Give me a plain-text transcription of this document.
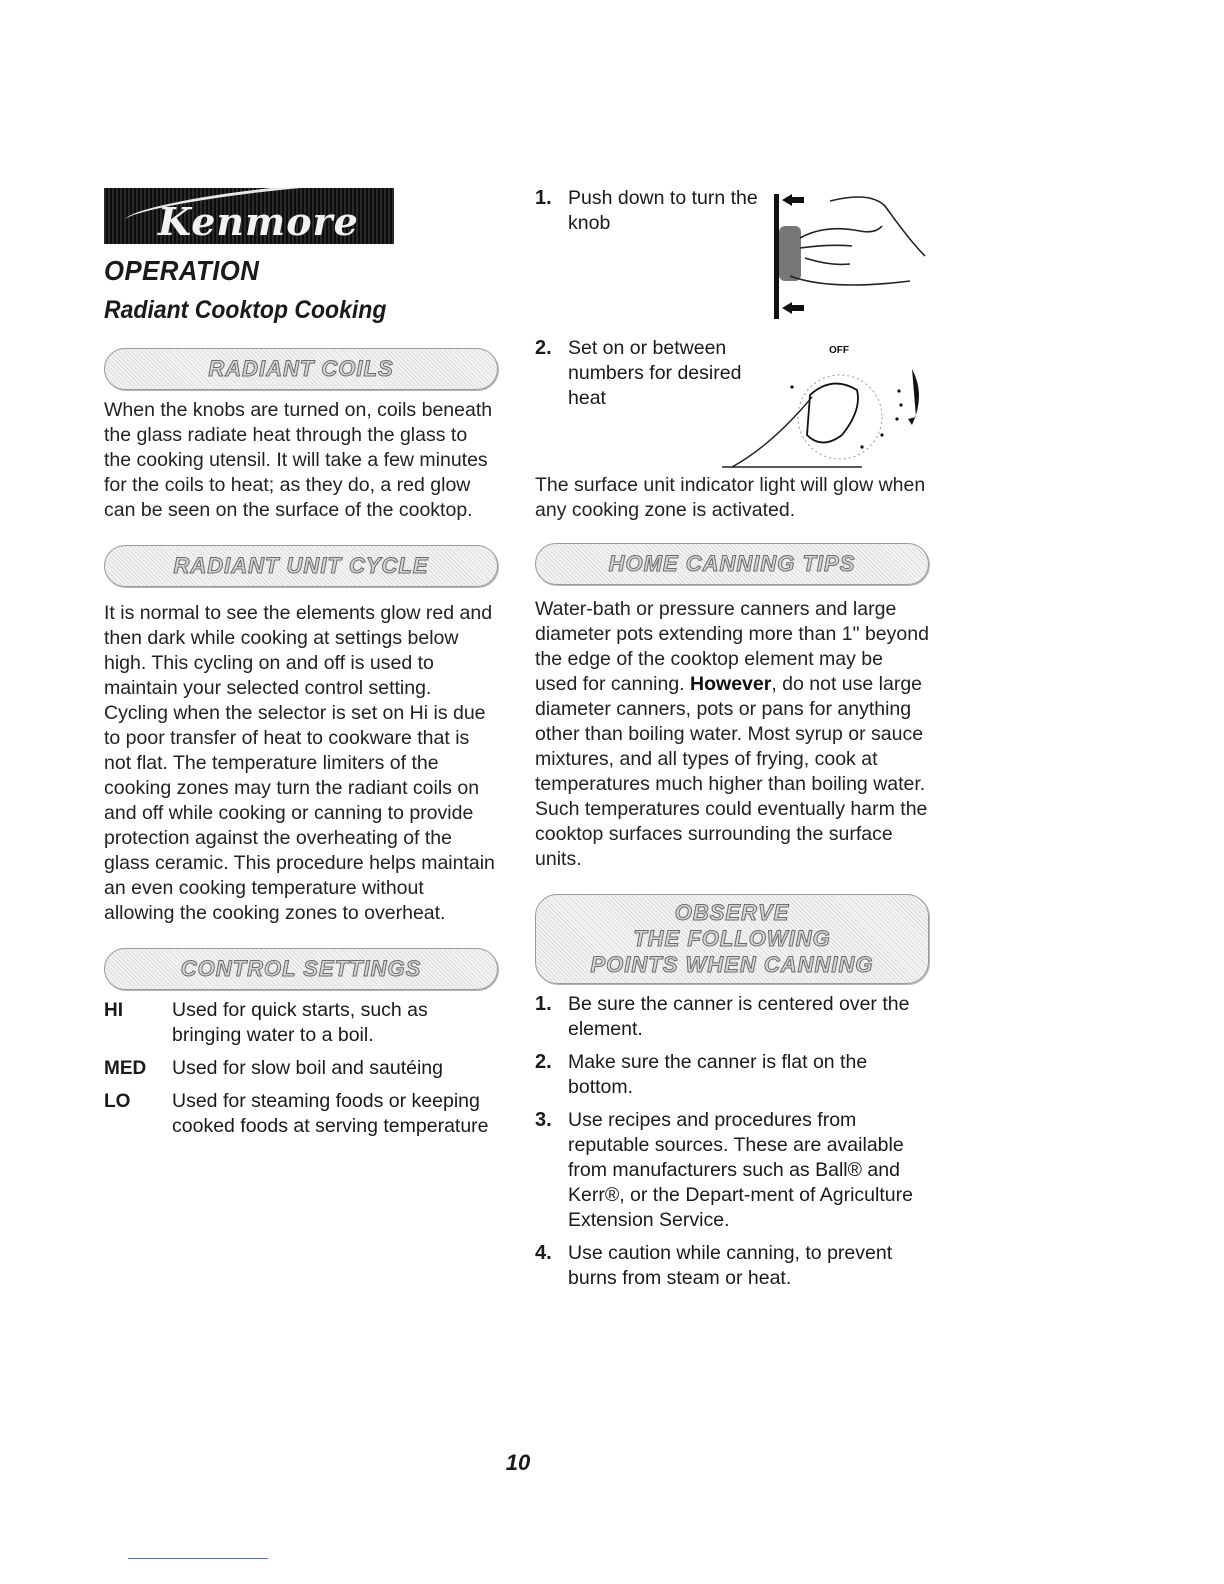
Kenmore
OPERATION
Radiant Cooktop Cooking
RADIANT COILS

When the knobs are turned on, coils beneath the glass radiate heat through the glass to the cooking utensil. It will take a few minutes for the coils to heat; as they do, a red glow can be seen on the surface of the cooktop.

RADIANT UNIT CYCLE

It is normal to see the elements glow red and then dark while cooking at settings below high. This cycling on and off is used to maintain your selected control setting. Cycling when the selector is set on Hi is due to poor transfer of heat to cookware that is not flat. The temperature limiters of the cooking zones may turn the radiant coils on and off while cooking or canning to provide protection against the overheating of the glass ceramic. This procedure helps maintain an even cooking temperature without allowing the cooking zones to overheat.

CONTROL SETTINGS
HI	Used for quick starts, such as bringing water to a boil.
MED	Used for slow boil and sautéing
LO	Used for steaming foods or keeping cooked foods at serving temperature
1. Push down to turn the knob
2. Set on or between numbers for desired heat

The surface unit indicator light will glow when any cooking zone is activated.

HOME CANNING TIPS

Water-bath or pressure canners and large diameter pots extending more than 1" beyond the edge of the cooktop element may be used for canning. However, do not use large diameter canners, pots or pans for anything other than boiling water. Most syrup or sauce mixtures, and all types of frying, cook at temperatures much higher than boiling water. Such temperatures could eventually harm the cooktop surfaces surrounding the surface units.

OBSERVE
THE FOLLOWING
POINTS WHEN CANNING
1. Be sure the canner is centered over the element.
2. Make sure the canner is flat on the bottom.
3. Use recipes and procedures from reputable sources. These are available from manufacturers such as Ball® and Kerr®, or the Depart-ment of Agriculture Extension Service.
4. Use caution while canning, to prevent burns from steam or heat.
OFF
10
